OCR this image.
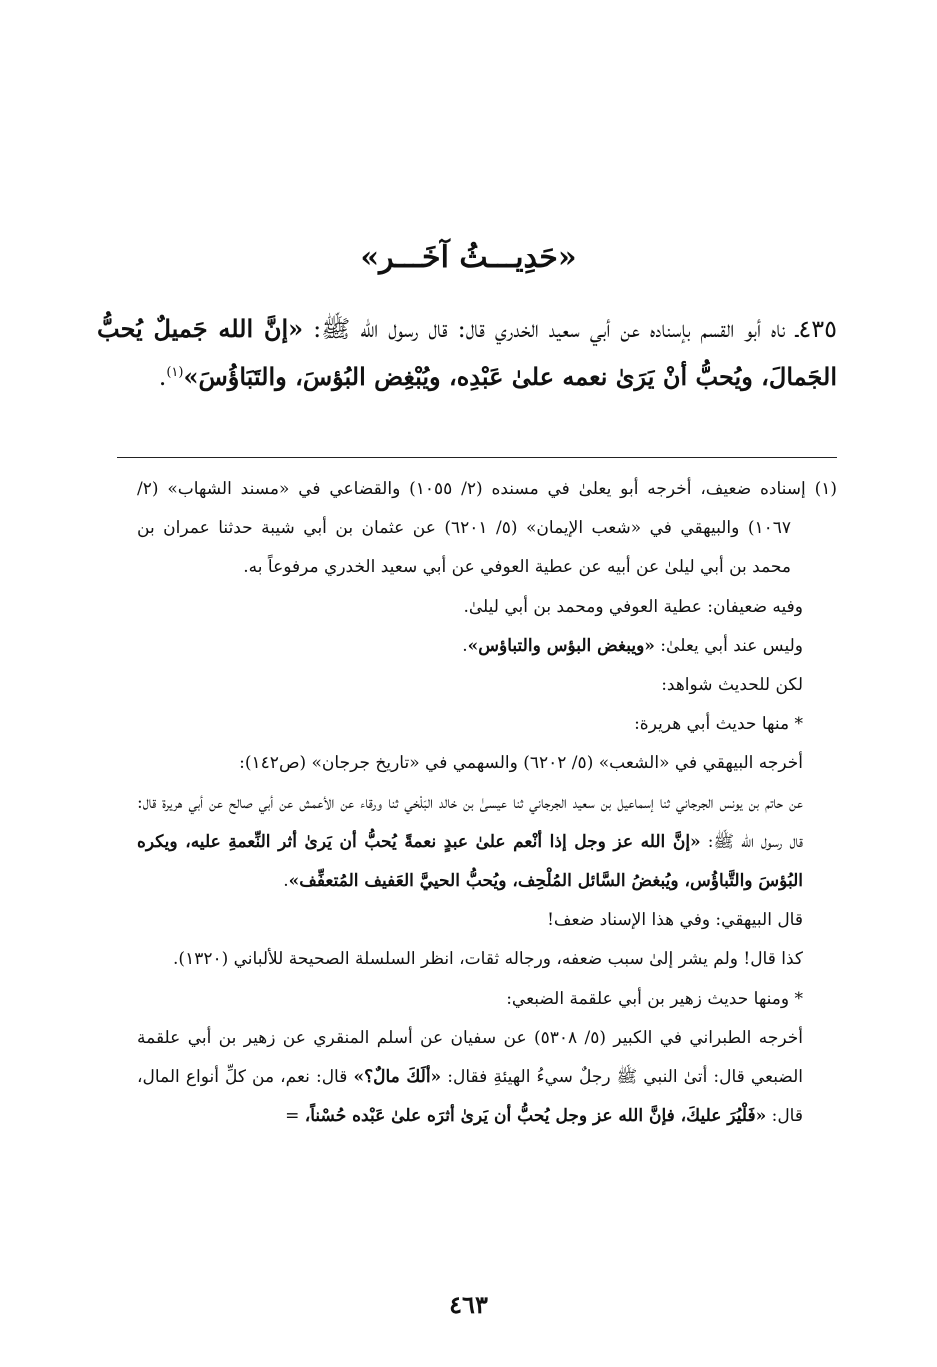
«حَدِيـــثُ آخَـــر»
٤٣٥ـ ناه أبو القسم بإسناده عن أبي سعيد الخدري قال: قال رسول الله ﷺ: «إنَّ الله جَميلٌ يُحبُّ الجَمالَ، ويُحبُّ أنْ يَرَىٰ نعمه علىٰ عَبْدِه، ويُبْغِض البُؤسَ، والتَبَاؤُسَ»$^{(١)}$.

(١) إسناده ضعيف، أخرجه أبو يعلىٰ في مسنده (٢/ ١٠٥٥) والقضاعي في «مسند الشهاب» (٢/ ١٠٦٧) والبيهقي في «شعب الإيمان» (٥/ ٦٢٠١) عن عثمان بن أبي شيبة حدثنا عمران بن محمد بن أبي ليلىٰ عن أبيه عن عطية العوفي عن أبي سعيد الخدري مرفوعاً به.

وفيه ضعيفان: عطية العوفي ومحمد بن أبي ليلىٰ.

وليس عند أبي يعلىٰ: «ويبغض البؤس والتباؤس».

لكن للحديث شواهد:

* منها حديث أبي هريرة:

أخرجه البيهقي في «الشعب» (٥/ ٦٢٠٢) والسهمي في «تاريخ جرجان» (ص١٤٢):

عن حاتم بن يونس الجرجاني ثنا إسماعيل بن سعيد الجرجاني ثنا عيسىٰ بن خالد البَلْخي ثنا ورقاء عن الأعمش عن أبي صالح عن أبي هريرة قال: قال رسول الله ﷺ: «إنَّ الله عز وجل إذا أنْعم علىٰ عبدٍ نعمةً يُحبُّ أن يَرىٰ أثر النِّعمةِ عليه، ويكره البُؤسَ والتَّباؤُس، ويُبغضُ السَّائل المُلْحِف، ويُحبُّ الحييَّ العَفيف المُتعفِّف».

قال البيهقي: وفي هذا الإسناد ضعف!

كذا قال! ولم يشر إلىٰ سبب ضعفه، ورجاله ثقات، انظر السلسلة الصحيحة للألباني (١٣٢٠).

* ومنها حديث زهير بن أبي علقمة الضبعي:

أخرجه الطبراني في الكبير (٥/ ٥٣٠٨) عن سفيان عن أسلم المنقري عن زهير بن أبي علقمة الضبعي قال: أتىٰ النبي ﷺ رجلٌ سيءُ الهيئةِ فقال: «ألَكَ مالٌ؟» قال: نعم، من كلِّ أنواع المال، قال: «فَلْيُرَ عليكَ، فإنَّ الله عز وجل يُحبُّ أن يَرىٰ أثرَه علىٰ عَبْده حُسْناً، =

٤٦٣
